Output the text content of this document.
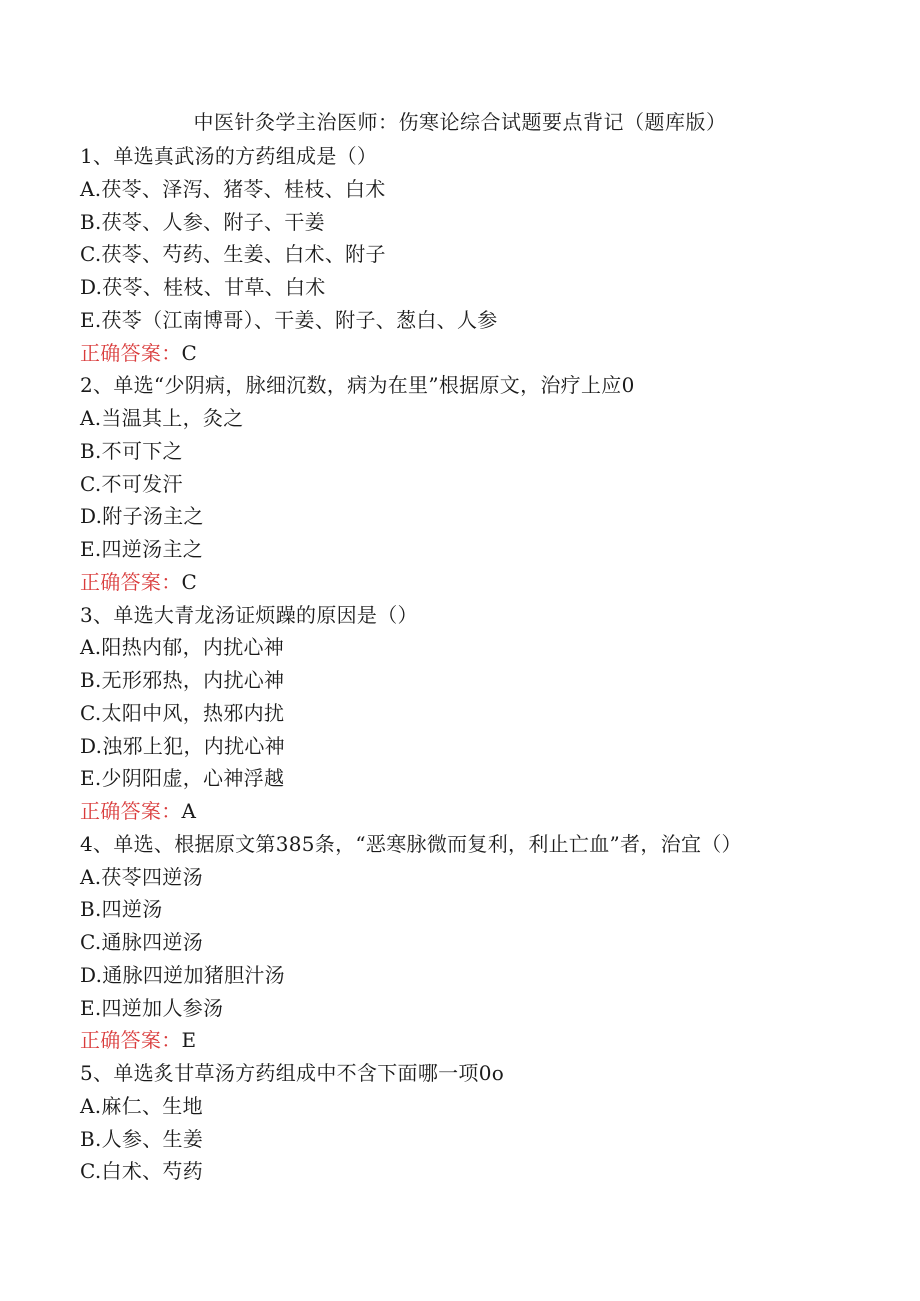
中医针灸学主治医师：伤寒论综合试题要点背记（题库版）
1、单选真武汤的方药组成是（）
A.茯苓、泽泻、猪苓、桂枝、白术
B.茯苓、人参、附子、干姜
C.茯苓、芍药、生姜、白术、附子
D.茯苓、桂枝、甘草、白术
E.茯苓（江南博哥）、干姜、附子、葱白、人参
正确答案：C
2、单选“少阴病，脉细沉数，病为在里”根据原文，治疗上应0
A.当温其上，灸之
B.不可下之
C.不可发汗
D.附子汤主之
E.四逆汤主之
正确答案：C
3、单选大青龙汤证烦躁的原因是（）
A.阳热内郁，内扰心神
B.无形邪热，内扰心神
C.太阳中风，热邪内扰
D.浊邪上犯，内扰心神
E.少阴阳虚，心神浮越
正确答案：A
4、单选、根据原文第385条，“恶寒脉微而复利，利止亡血”者，治宜（）
A.茯苓四逆汤
B.四逆汤
C.通脉四逆汤
D.通脉四逆加猪胆汁汤
E.四逆加人参汤
正确答案：E
5、单选炙甘草汤方药组成中不含下面哪一项0o
A.麻仁、生地
B.人参、生姜
C.白术、芍药
